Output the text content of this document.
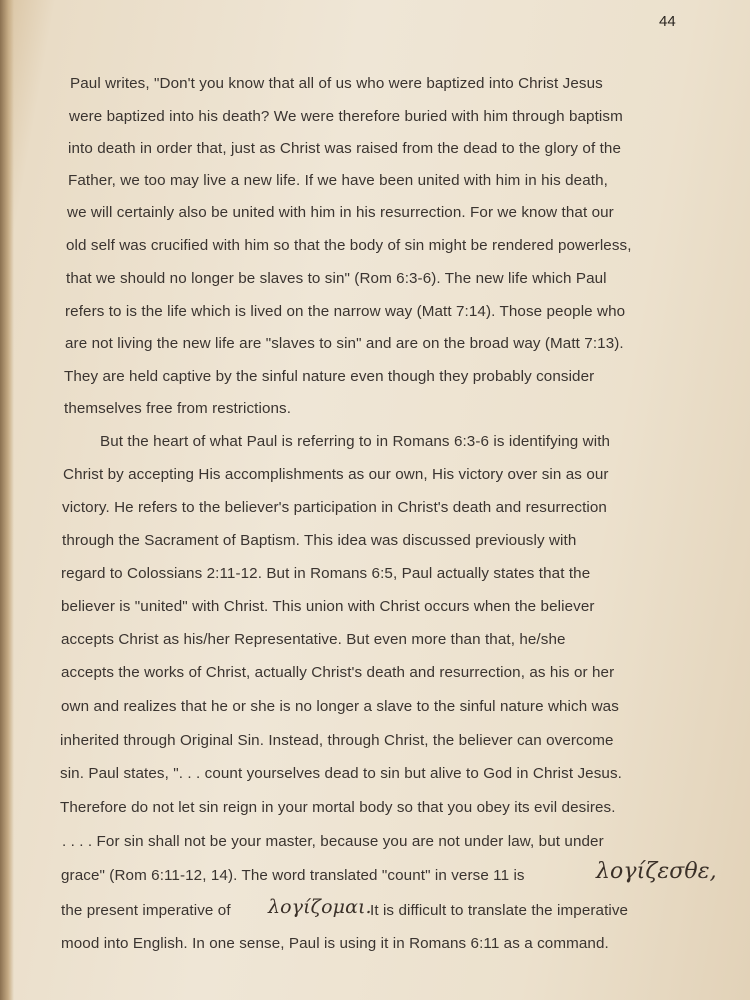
44
Paul writes, "Don't you know that all of us who were baptized into Christ Jesus
were baptized into his death? We were therefore buried with him through baptism
into death in order that, just as Christ was raised from the dead to the glory of the
Father, we too may live a new life. If we have been united with him in his death,
we will certainly also be united with him in his resurrection. For we know that our
old self was crucified with him so that the body of sin might be rendered powerless,
that we should no longer be slaves to sin" (Rom 6:3-6). The new life which Paul
refers to is the life which is lived on the narrow way (Matt 7:14). Those people who
are not living the new life are "slaves to sin" and are on the broad way (Matt 7:13).
They are held captive by the sinful nature even though they probably consider
themselves free from restrictions.
But the heart of what Paul is referring to in Romans 6:3-6 is identifying with
Christ by accepting His accomplishments as our own, His victory over sin as our
victory. He refers to the believer's participation in Christ's death and resurrection
through the Sacrament of Baptism. This idea was discussed previously with
regard to Colossians 2:11-12. But in Romans 6:5, Paul actually states that the
believer is "united" with Christ. This union with Christ occurs when the believer
accepts Christ as his/her Representative. But even more than that, he/she
accepts the works of Christ, actually Christ's death and resurrection, as his or her
own and realizes that he or she is no longer a slave to the sinful nature which was
inherited through Original Sin. Instead, through Christ, the believer can overcome
sin. Paul states, ". . . count yourselves dead to sin but alive to God in Christ Jesus.
Therefore do not let sin reign in your mortal body so that you obey its evil desires.
. . . . For sin shall not be your master, because you are not under law, but under
grace" (Rom 6:11-12, 14). The word translated "count" in verse 11 is	λογίζεσθε,
the present imperative of λογίζομαι.
It is difficult to translate the imperative
mood into English. In one sense, Paul is using it in Romans 6:11 as a command.
